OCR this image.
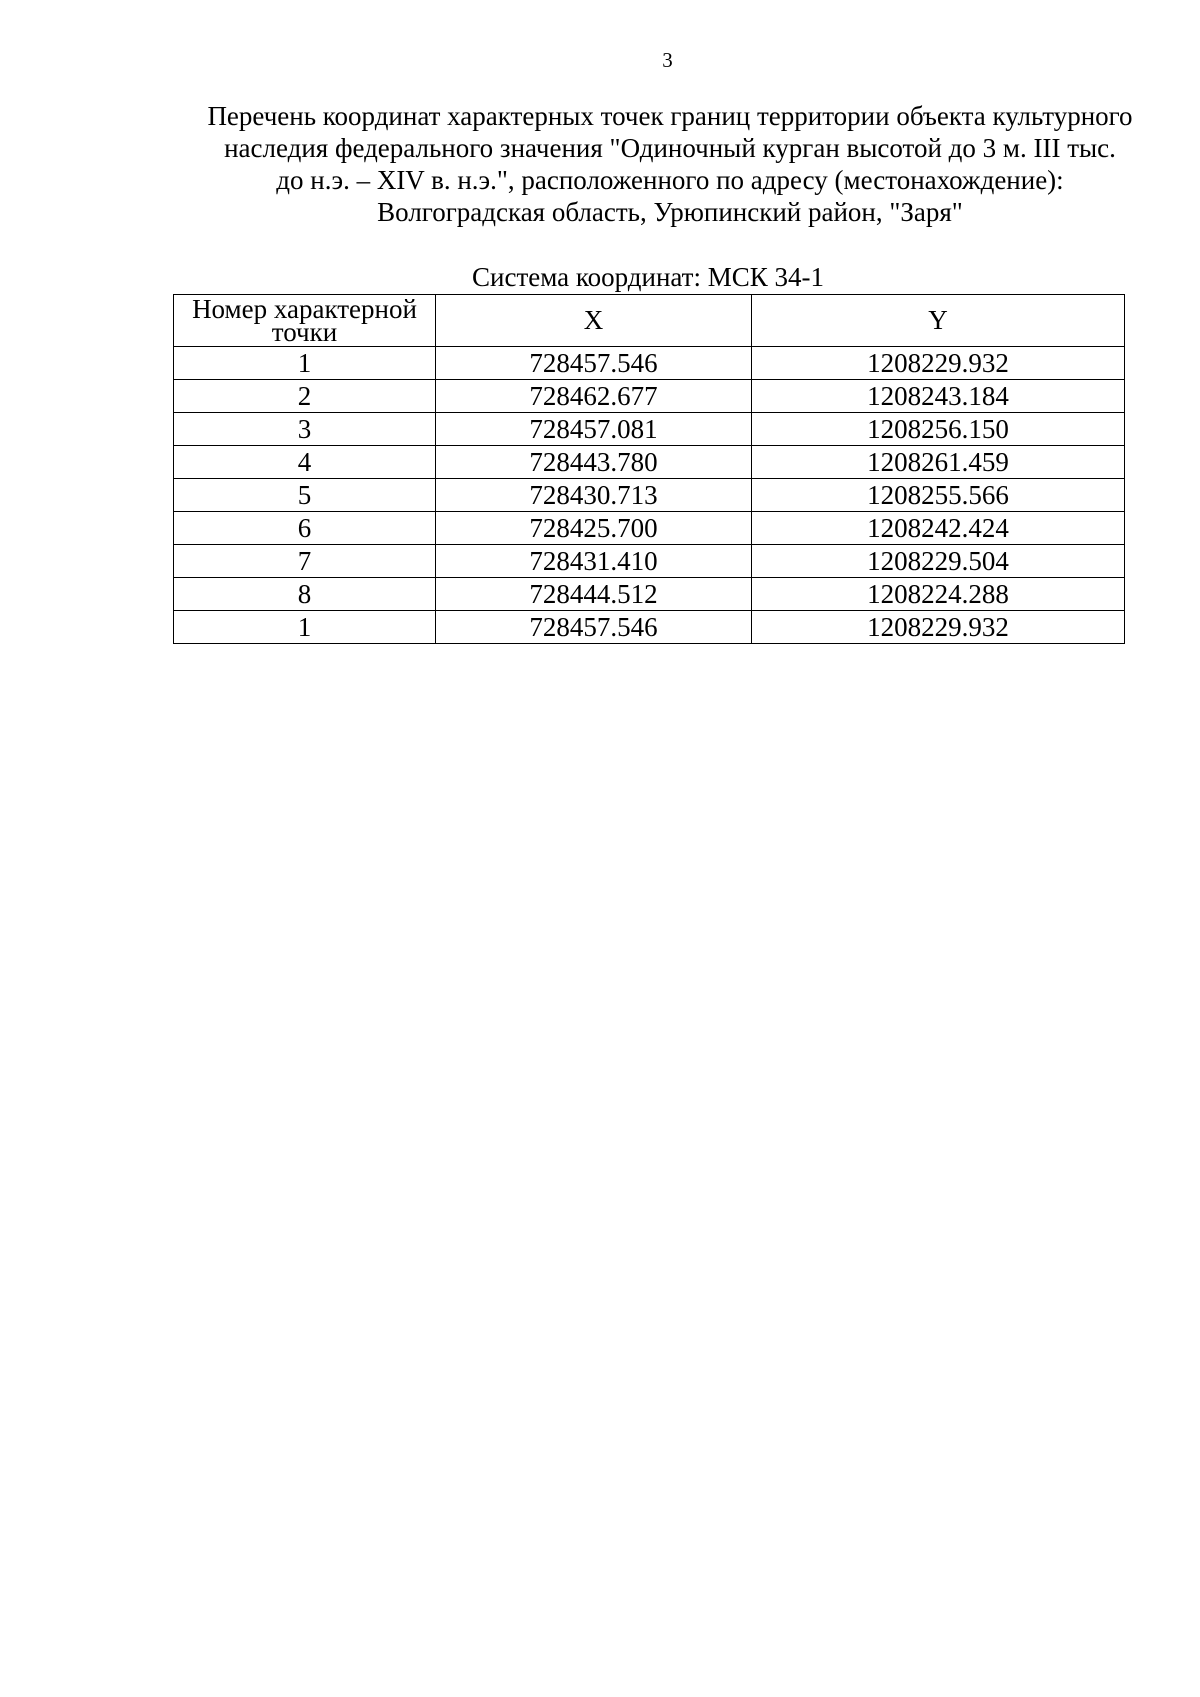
3
Перечень координат характерных точек границ территории объекта культурного
наследия федерального значения "Одиночный курган высотой до 3 м. III тыс.
до н.э. – XIV в. н.э.", расположенного по адресу (местонахождение):
Волгоградская область, Урюпинский район, "Заря"
Система координат: МСК 34-1
Номер характерной
точки	X	Y
1	728457.546	1208229.932
2	728462.677	1208243.184
3	728457.081	1208256.150
4	728443.780	1208261.459
5	728430.713	1208255.566
6	728425.700	1208242.424
7	728431.410	1208229.504
8	728444.512	1208224.288
1	728457.546	1208229.932
